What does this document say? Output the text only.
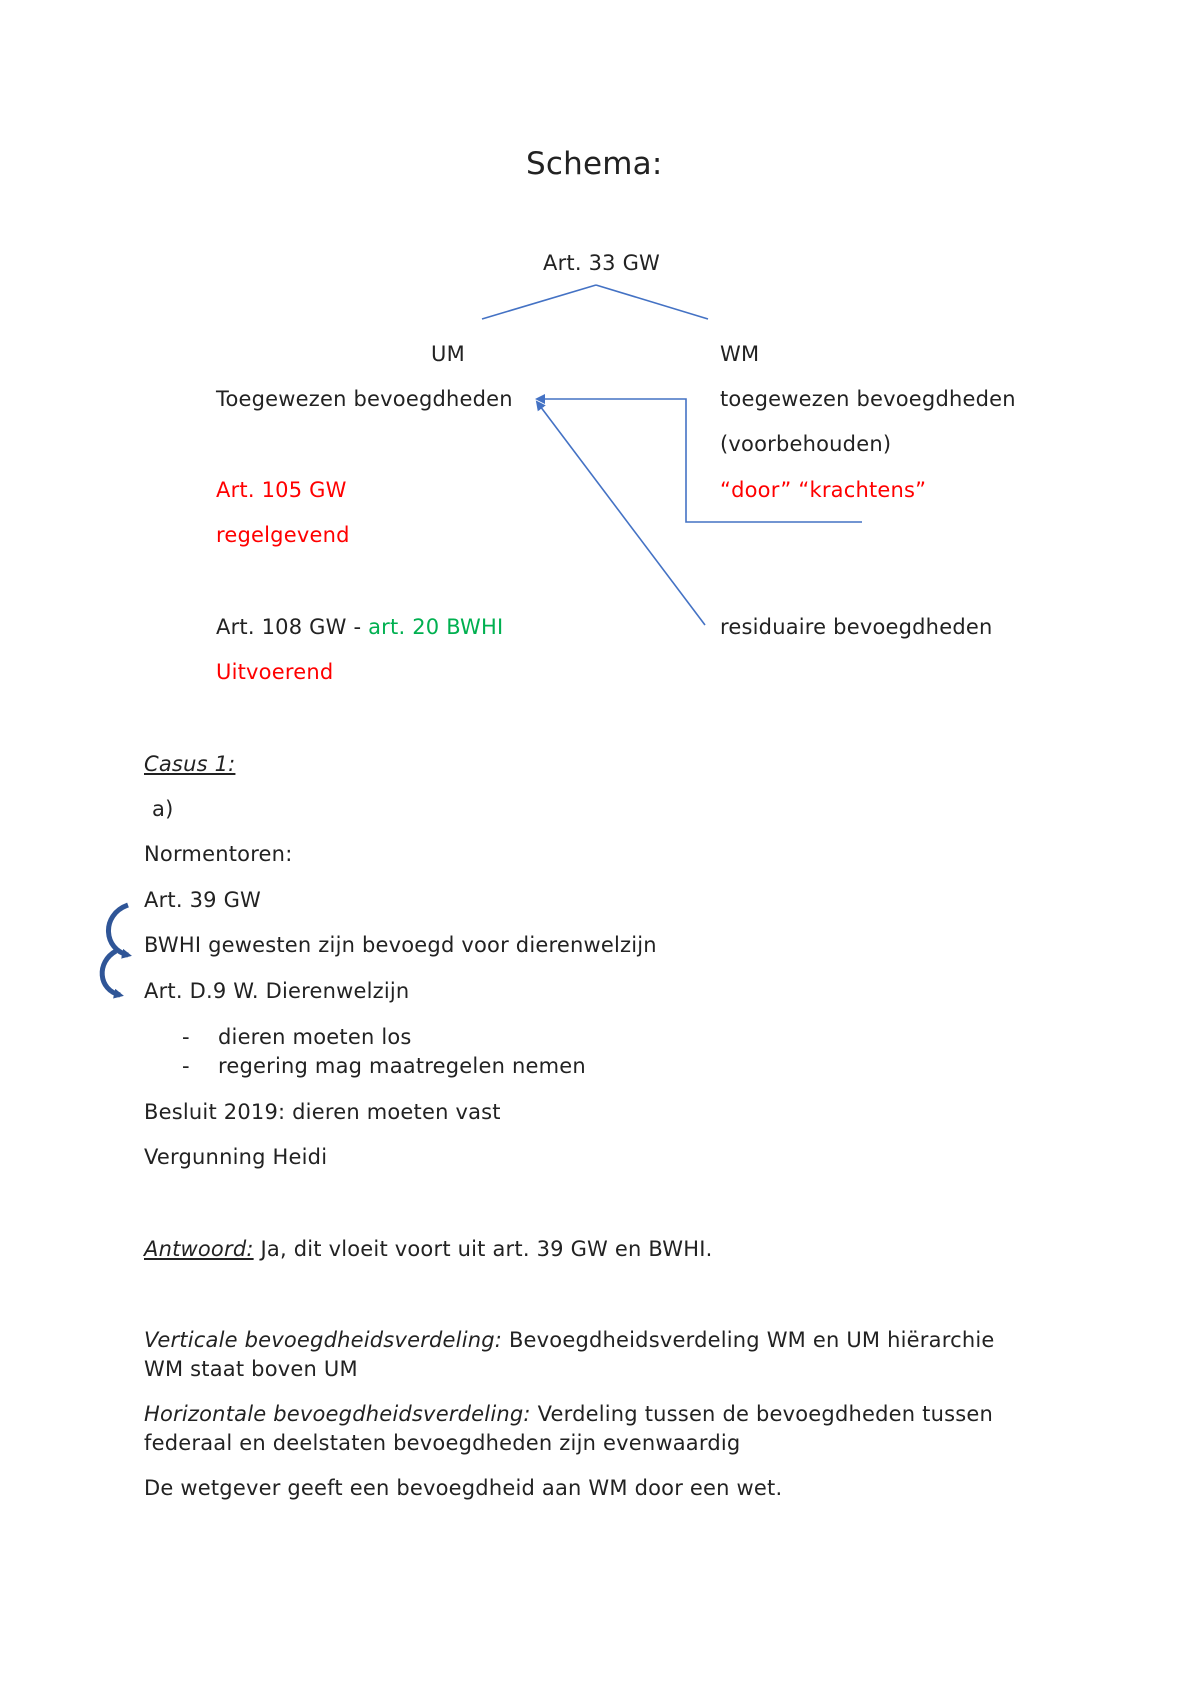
Schema:
Art. 33 GW
UM	WM
Toegewezen bevoegdheden	toegewezen bevoegdheden
(voorbehouden)
Art. 105 GW	“door” “krachtens”
regelgevend
Art. 108 GW - art. 20 BWHI	residuaire bevoegdheden
Uitvoerend
Casus 1:
a)
Normentoren:
Art. 39 GW
BWHI gewesten zijn bevoegd voor dierenwelzijn
Art. D.9 W. Dierenwelzijn
- dieren moeten los
- regering mag maatregelen nemen
Besluit 2019: dieren moeten vast
Vergunning Heidi
Antwoord: Ja, dit vloeit voort uit art. 39 GW en BWHI.
Verticale bevoegdheidsverdeling: Bevoegdheidsverdeling WM en UM hiërarchie
WM staat boven UM
Horizontale bevoegdheidsverdeling: Verdeling tussen de bevoegdheden tussen
federaal en deelstaten bevoegdheden zijn evenwaardig
De wetgever geeft een bevoegdheid aan WM door een wet.
